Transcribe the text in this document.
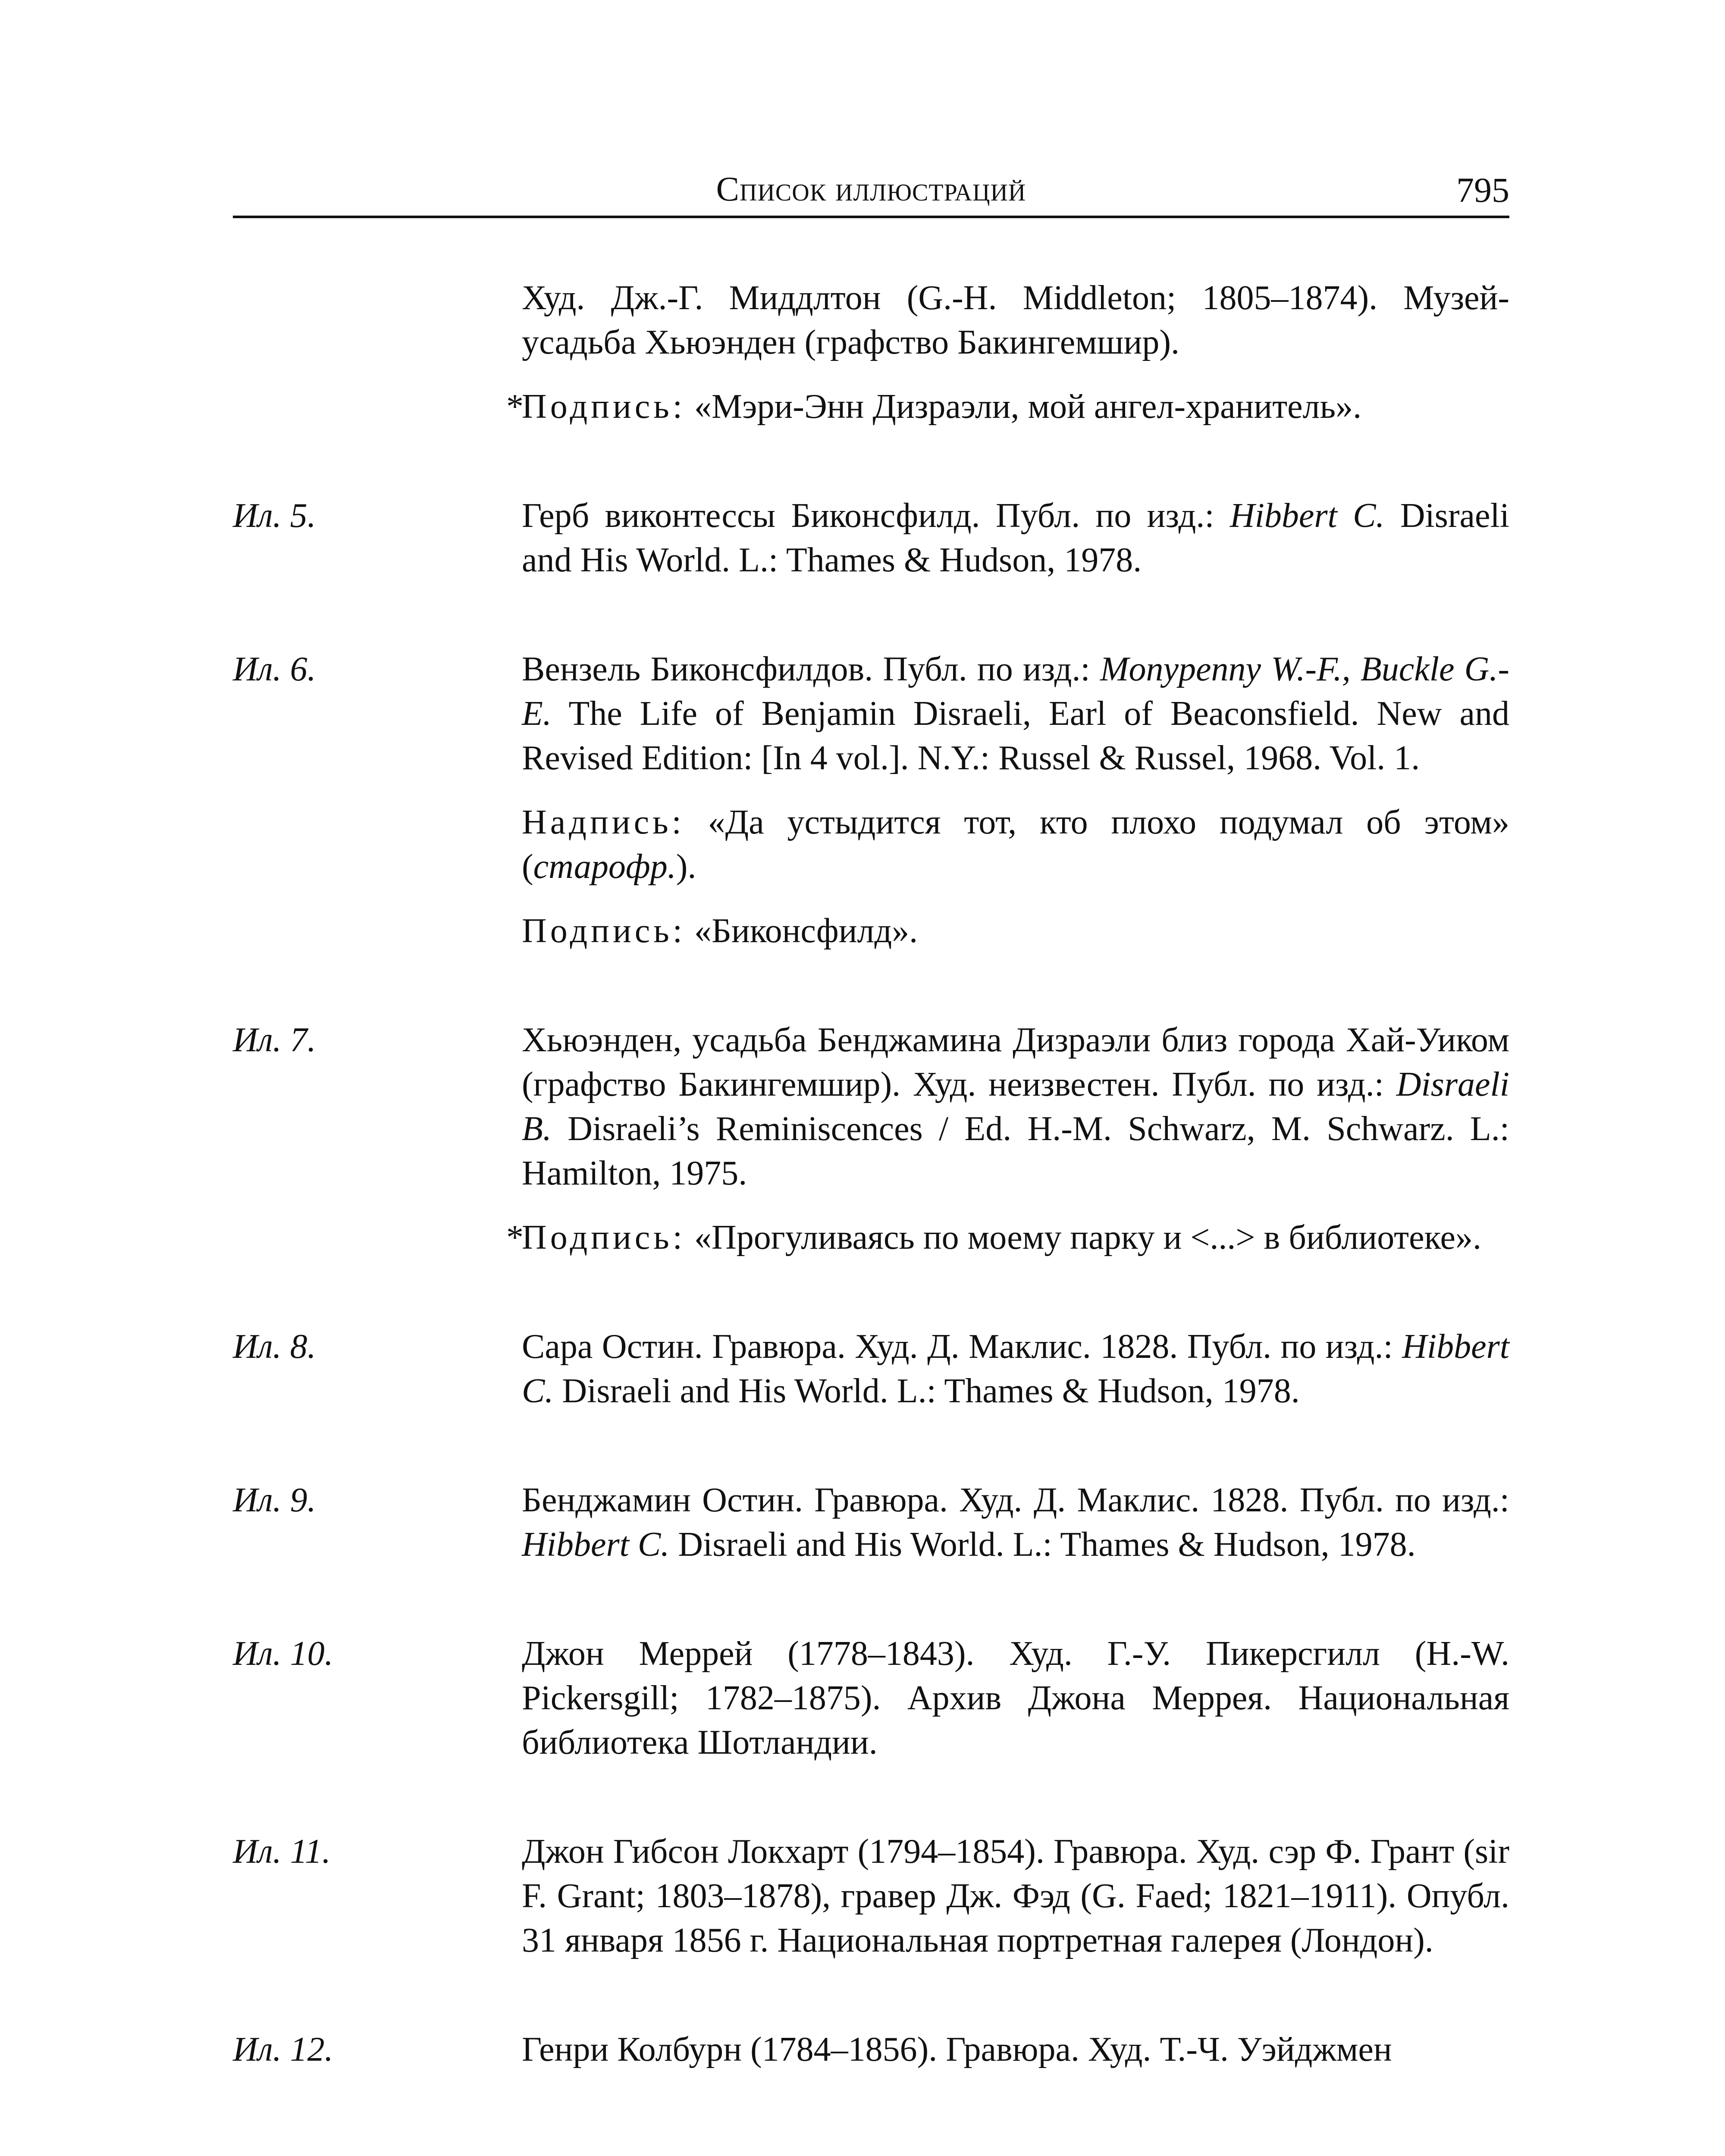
Список иллюстраций	795

Худ. Дж.-Г. Миддлтон (G.-H. Middleton; 1805–1874). Музей-усадьба Хьюэнден (графство Бакингемшир).

*Подпись: «Мэри-Энн Дизраэли, мой ангел-хранитель».

Ил. 5.	Герб виконтессы Биконсфилд. Публ. по изд.: Hibbert C. Disraeli and His World. L.: Thames & Hudson, 1978.
Ил. 6.	Вензель Биконсфилдов. Публ. по изд.: Monypenny W.-F., Buckle G.-E. The Life of Benjamin Disraeli, Earl of Beaconsfield. New and Revised Edition: [In 4 vol.]. N.Y.: Russel & Russel, 1968. Vol. 1.

Надпись: «Да устыдится тот, кто плохо подумал об этом» (старофр.).

Подпись: «Биконсфилд».

Ил. 7.	Хьюэнден, усадьба Бенджамина Дизраэли близ города Хай-Уиком (графство Бакингемшир). Худ. неизвестен. Публ. по изд.: Disraeli B. Disraeli’s Reminiscences / Ed. H.-M. Schwarz, M. Schwarz. L.: Hamilton, 1975.

*Подпись: «Прогуливаясь по моему парку и <...> в библиотеке».

Ил. 8.	Сара Остин. Гравюра. Худ. Д. Маклис. 1828. Публ. по изд.: Hibbert C. Disraeli and His World. L.: Thames & Hudson, 1978.
Ил. 9.	Бенджамин Остин. Гравюра. Худ. Д. Маклис. 1828. Публ. по изд.: Hibbert C. Disraeli and His World. L.: Thames & Hudson, 1978.
Ил. 10.	Джон Меррей (1778–1843). Худ. Г.-У. Пикерсгилл (H.-W. Pickersgill; 1782–1875). Архив Джона Меррея. Национальная библиотека Шотландии.
Ил. 11.	Джон Гибсон Локхарт (1794–1854). Гравюра. Худ. сэр Ф. Грант (sir F. Grant; 1803–1878), гравер Дж. Фэд (G. Faed; 1821–1911). Опубл. 31 января 1856 г. Национальная портретная галерея (Лондон).
Ил. 12.	Генри Колбурн (1784–1856). Гравюра. Худ. Т.-Ч. Уэйджмен
